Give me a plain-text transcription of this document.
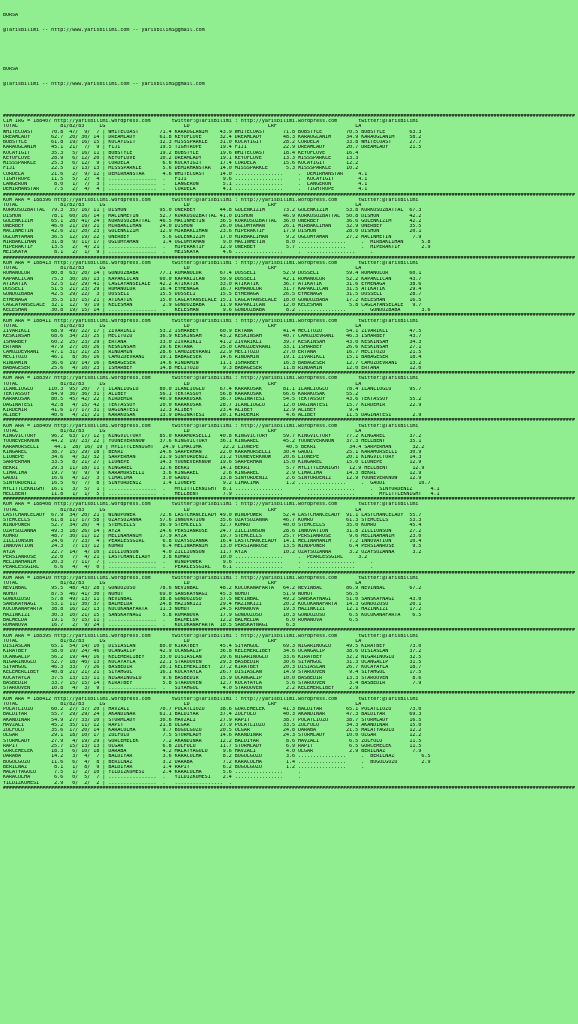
BORSA

@TarisBilimi -- http://www.yarisbilimi.com -- yarisbilimi@gmail.com

BORSA

@TarisBilimi -- http://www.yarisbilimi.com -- yarisbilimi@gmail.com

##############################################################################################################################################################################################
CIM IRG = 188407 http://yarisbilimi.wordpress.com       twitter:@TarisBilimi : http://yarisbilimi.wordpress.com       twitter:@TarisBilimi
TOTAL              81/82/83     LG                          LD                          LRF                          LA
WHITECOAST      70.8  47/  9/  7 | WHITECOAST       71.4 KARAOGLANIM    43.9 WHITECOAST      71.8 BOBSTYLE        70.5 BOBSTYLE        63.3
DREAMLADY       62.7  20/ 30/ 14 | DREAMLADY        61.8 KEYOFLOVE      32.4 DREAMLADY       48.3 KARAOGLANIM     34.9 KARAOGLANIM     58.2
BOBSTYLE        61.8  19/ 16/ 15 | KOCAYIGIT        32.3 MISSSPARKLE    31.0 KOCAYIGIT       28.2 CORDELA         33.8 WHITECOAST      27.7
KARAOGLANIM     45.1  21/  7/  9 | FIJI             19.5 TIGHTROPE      19.4 FIJI            22.9 DREAMLADY       20.7 DREAMLADY       21.5
KOCAYIGIT       35.3   5/ 16/ 11 | BOBSTYLE         19.2 BOBSTYLE       19.6 WHITECOAST      18.4 KEYOFLOVE       16.4
KEYOFLOVE       28.9   6/ 12/ 20 | KEYOFLOVE        10.2 DREAMLADY      19.1 KEYOFLOVE       13.3 MISSSPARKLE     13.3
MISSSPARKLE     25.3   6/ 12/  9 | CORDELA           6.6 KOCAYIGIT      17.4 CORDELA         15.6 KOCAYIGIT       12.2
FIJI            22.5   1/ 13/ 13 | MISSSPARKLE       5.6 DEMIRHANSTAR   14.0 MISSSPARKLE      5.3 MISSSPARKLE     10.2
CORDELA         21.6   2/  9/ 12 | DEMIRHANSTAR      4.6 WHITECOAST     14.0 ................     .  DEMIRHANSTAR     4.1
TIGHTROPE       11.5   5/  2/  4 | ................  .   FIJI            9.6 ................     .  KOCAYIGIT        4.1
LANGERON         8.0   1/  7/  3 | ................  .   LANGERON        5.1 ................     .  LANGERON         4.1
DEMIRHANSTAR     7.5   2/  4/  4 | ................  .   CORDELA         4.1 ................     .  TIGHTROPE        4.1
##############################################################################################################################################################################################
KUM ARA = 188396 http://yarisbilimi.wordpress.com       twitter:@TarisBilimi : http://yarisbilimi.wordpress.com       twitter:@TarisBilimi
TOTAL              81/82/83     LG                          LD                          LRF                          LA
KORKUSUZBATTAL  79.3  35/ 16/ 11 | DISHUN           95.0 ONERBEY        44.8 GULENKIZIM      73.2 GULENKIZIM      53.8 KORKUSUZBATTAL  67.3
DISHUN          78.1  60/ 16/ 14 | MACINMETIN       52.7 KORKUSUZBATTAL 41.0 DISHUN          46.9 KORKUSUZBATTAL  50.8 DISHUN          42.2
GULENKIZIM      65.1  28/ 41/ 24 | KORKUSUZBATTAL   46.5 MACINMETIN     36.5 KORKUSUZBATTAL  36.0 ONERBEY         36.6 GULENKIZIM      42.2
ONERBEY         46.0  21/ 19/ 21 | MIRBAKLIHAN      24.0 DISHUN         26.0 OGLUMYAMAN      26.1 MIRBAKLIHAN     32.9 ONERBEY         35.5
MACINMETIN      42.6  21/ 20/ 23 | GULENKIZIM       12.9 MIRBAKLIHAN    23.6 HIPERAKTIF      17.9 DISHUN          28.0 DISHUN          20.1
OGLUMYAMAN      36.5  12/ 19/ 22 | ONERBEY           5.6 GULENKIZIM     17.0 MIRBAKLIHAN      9.2 OGLUMYAMAN      27.2 MACINMETIN       7.9
MIRBAKLIHAN     31.8   9/ 11/ 17 | OGLUMYAMAN        1.4 OGLUMYAMAN      9.0 MACINMETIN       8.0 ................     .  MIRBAKLIHAN      5.8
HIPERAKTIF      13.5   2/  4/ 21 | ................  .   HIPERAKTIF     12.9 ONERBEY          5.7 ................     .  HIPERAKTIF       2.9
MEISKAYA         8.1   2/  1/  9 | ................  .   MEISKAYA        4.6 ................     .  ................     .
##############################################################################################################################################################################################
KUM ARA = 188413 http://yarisbilimi.wordpress.com       twitter:@TarisBilimi : http://yarisbilimi.wordpress.com       twitter:@TarisBilimi
TOTAL              81/82/83     LG                          LD                          LRF                          LA
ROMANOLUR       80.8  63/ 20/ 14 | GUNDUZBABA       77.1 ROMANOLUR      67.4 DUSSELI         52.9 DUSSELI         59.4 ROMANOLUR       60.1
KAPAKLICAN      75.3  30/ 16/ 13 | KAPAKLICAN       60.0 KAPAKLICAN     59.9 DUSSELI         42.1 ROMANOLUR       52.2 KAPAKLICAN      43.7
ATIKATIK        52.5  12/ 29/ 41 | CAGLAYANSELALE   42.2 ATIKATIK       33.0 ATIKATIK        36.7 ATIKATIK        31.6 EYMENAGA        38.6
DUSSELI         51.5  21/ 23/ 29 | ROMANOLUR        16.4 EYMENAGA       16.7 ROMANOLUR       31.7 KAPAKLICAN      31.5 ATIKATIK        29.4
GUNDUZBABA      42.5  29/ 22/  3 | DUSSELI          15.5 DUSSELI        15.5 EYMENAGA        26.5 EYMENAGA        31.5 DUSSELI         28.7
EYMENAGA        35.5  13/ 15/ 21 | ATIKATIK         15.0 CAGLAYANSELALE 15.1 CAGLAYANSELALE  18.0 GUNDUZBABA      17.2 KELESHAN        16.5
CAGLAYANSELALE  32.1  12/  9/ 19 | KELESHAN          2.9 GUNDUZBABA     11.9 KAPAKLICAN      12.0 KELESHAN         5.8 CAGLAYANSELALE   9.7
KELESHAN        30.8  19/ 15/ 14 | ................  .   KELESHAN        9.6 GUNDUZBABA       8.2 ................     .  GUNDUZBABA       3.6
##############################################################################################################################################################################################
KUM ARA = 188411 http://yarisbilimi.wordpress.com       twitter:@TarisBilimi : http://yarisbilimi.wordpress.com       twitter:@TarisBilimi
TOTAL              81/82/83     LG                          LD                          LRF                          LA
ZIVARIKLI       68.9  49/ 22/ 17 | ZIVARIKLI        53.2 ISHARBEY       60.9 ERTANA          41.4 MECITOZU        54.1 ZIVARIKLI       47.5
KESKINSAH       68.6  34/ 23/ 25 | MECITOZU         36.9 KESKINSAH      43.2 KESKINSAH       40.7 CAMUZDEVRANI    46.3 ISHARBEY        43.7
ISHARBEY        60.2  25/ 23/ 29 | ERTANA           33.0 ZIVARIKLI      41.2 ZIVARIKLI       39.7 KESKINSAH       43.0 KESKINSAH       34.3
ERTANA          47.9  27/ 10/ 26 | KESKINSAH        29.6 ERTANA         25.0 CAMUZDEVRANI    33.1 ISHARBEY        26.6 KESKINSAH       27.1
CAMUZDEVRANI    47.1  31/ 21/ 25 | RINDAMIN         28.6 CAMUZDEVRANI   22.9 MECITOZU        27.0 ERTANA          16.7 MECITOZU        21.5
MECITOZU        46.1   8/ 36/ 16 | CAMUZDEVRANI     19.1 BABAGESER      14.6 RINDAMIN        19.1 ZIVARIKLI       15.1 BABAGESER       18.4
RINDAMIN        36.6  19/ 14/ 16 | BABAGESER        14.6 RINDAMIN       11.1 ISHARBEY        16.3 BABAGESER       12.7 CAMUZDEVRANI    13.2
BABAGESER       25.6   4/ 10/ 23 | ISHARBEY         14.8 MECITOZU        9.3 BABAGESER       11.8 RINDAMIN        12.0 ERTANA          12.0
##############################################################################################################################################################################################
KUM ARA = 188397 http://yarisbilimi.wordpress.com       twitter:@TarisBilimi : http://yarisbilimi.wordpress.com       twitter:@TarisBilimi
TOTAL              81/82/83     LG                          LD                          LRF                          LA
ILANLIOGLU     110.3  95/ 20/  7 | ILANLIOGLU       80.0 ILANLIOGLU     67.4 KARAKUSAK       81.1 ILANLIOGLU      78.4 ILANLIOGLU      95.7
TEKTASSOY       84.9  36/ 36/ 31 | ALIBEY           56.1 TEKTASSOY      56.8 KARAKUSAK       66.6 KARAKUSAK       55.2
KARAKUSAK       80.5  45/ 42/ 22 | KIRDEMIR         40.9 KARAKUSAK      36.7 DAGINATESI      54.5 TEKTASSOY       43.6 TEKTASSOY       55.2
DAGINATESI      42.8   4/ 15/ 42 | TEKTASSOY        20.0 KARAKUSAK      28.7 ILANLIOGLU      12.0 DAGINATESI      15.7 KIRDEMIR        22.9
KIRDEMIR        41.6  17/ 17/ 31 | DAGINATESI       12.3 ALIBEY         23.4 ALIBEY          12.9 ALIBEY           9.4
ALIBEY          40.6   4/ 21/ 21 | KARAKUSAK        13.9 DAGINATESI     20.1 KIRDEMIR         4.6 ALIBEY          11.5 DAGINATESI       2.9
##############################################################################################################################################################################################
KUM ARA = 188409 http://yarisbilimi.wordpress.com       twitter:@TarisBilimi : http://yarisbilimi.wordpress.com       twitter:@TarisBilimi
TOTAL              81/82/83     LG                          LD                          LRF                          LA
KINGVICTORY     96.2  63/ 17/ 12 | KINGVICTORY      85.0 KARAMURSELLI   40.8 KINGVICTORY     59.7 KINGVICTORY     77.2 KINGAREL        37.2
YOUNEVERKNOW    44.2  19/ 23/ 22 | YOUNEVERKNOW     37.6 KINGVICTORY    36.1 KINGAREL        45.2 YOUNEVERKNOW    37.3 HELLBENT        35.1
KARAMURSELLI     44.1  28/ 16/ 19 | MYLITTLEKNIGHT   24.9 CIMACIMA       22.2 LIONEPE         40.5 BEKRI           34.4 SARPERHAN       32.2
KINGAREL        38.7  15/ 29/ 18 | BEKRI            24.6 SARPERHAN      22.0 KARAMURSELLI    30.4 GAUDI           25.1 KARAMURSELLI    30.9
LIONEPE         34.6   4/ 32/ 32 | SARPERHAN        21.9 SINYORDENIZ    21.2 YOUNEVERKNOW    20.6 LIONEPE         20.1 KINGVICTORY     14.3
SARPERHAN       33.5   8/ 21/ 27 | LIONEPE          14.3 YOUNEVERKNOW   19.6 SARPERHAN       15.0 KINGAREL        15.0 LIONEPE         12.9
BEKRI           29.3  11/ 18/ 11 | KINGAREL         12.6 BEKRI          14.1 BEKRI            5.7 MYLITTLEKNIGHT   12.9 HELLBENT        12.9
CIMACIMA        19.7   9/  9/  9 | KARAMURSELLI      3.6 KINGAREL        2.6 KINGAREL         2.9 CIMACIMA        14.3 BEKRI           12.9
GAUDI           16.6   4/ 12/  3 | CIMACIMA          3.0 GAUDI          13.8 SINYORDENIZ      2.6 SINYORDENIZ     12.9 YOUNEVERKNOW    12.9
SINYORDENIZ     16.5   6/  7/  8 | SINYORDENIZ       1.4 LIONEPE         9.2 CIMACIMA         1.2 ................     .  GAUDI           10.7
MYLITTLEKNIGHT  16.1   3/  5/  1 | ................  .   MYLITTLEKNIGHT  8.1 ................     .  ................     .  SINYORDENIZ      4.1
HELLBENT        11.8   1/  1/  5 | ................  .   HELLBENT        7.9 ................     .  ................     .  MYLITTLEKNIGHT   4.1
##############################################################################################################################################################################################
KUM ARA = 188408 http://yarisbilimi.wordpress.com       twitter:@TarisBilimi : http://yarisbilimi.wordpress.com       twitter:@TarisBilimi
TOTAL              81/82/83     LG                          LD                          LRF                          LA
LASTCHANCELADY  67.9  34/ 20/ 21 | WINDPOWER        72.6 LASTCHANCELADY 49.0 WINDPOWER       52.4 LASTCHANCELADY  91.1 LASTCHANCELADY  55.7
STEMCELLS       61.8  11/ 17/ 58 | OZAYSUZANNA      57.6 INNOVATION     35.6 OZAYSUZANNA     46.7 KUMRU           61.3 STEMCELLS       53.3
WINDPOWER       52.7  34/ 26/  4 | STEMCELLS        36.9 STEMCELLS      32.7 KUMRU           40.0 STEMCELLS       35.0 KUMRU           45.4
OZAYSUZANNA     49.3  18/ 26/ 14 | AYZA             24.6 PERSIANROSE    24.7 ZILLIONSUN      28.6 INNOVATION      31.8 ZILLIONSUN      27.2
KUMRU           48.7  30/ 11/ 12 | MELINAHANIM      17.9 AYZA           19.7 STEMCELLS       25.7 PERSIANROSE      9.6 MELINAHANIM     23.0
ZILLIONSUN      24.6   7/ 23/  4 | PEARLESSGIRL      6.8 OZAYSUZANNA    16.4 LASTCHANCELADY  14.1 MELINAHANIM      7.2 INNOVATION      10.4
INNOVATION      24.3   7/ 13/ 12 | KUMRU             6.4 MELINAHANIM    13.0 PERSIANROSE     13.5 WINDPOWER        6.4 PERSIANROSE      9.5
AYZA            22.7  14/  4/ 10 | ZILLIONSUN        4.0 ZILLIONSUN     11.7 AYZA            10.2 OZAYSUZANNA      3.2 OZAYSUZANNA      3.2
PERSIANROSE     22.0   7/  4/ 21 | LASTCHANCELADY    3.8 KUMRU          10.0 ................     .  PEARLESSGIRL     3.2
MELINAHANIM     20.3   7/ 11/  7 | ................  .   WINDPOWER       9.6 ................     .  ................     .
PEARLESSGIRL     6.6   4/  4/  0 | ................  .   PEARLESSGIRL    6.1 ................     .  ................     .
##############################################################################################################################################################################################
KUM ARA = 188410 http://yarisbilimi.wordpress.com       twitter:@TarisBilimi : http://yarisbilimi.wordpress.com       twitter:@TarisBilimi
TOTAL              81/82/83     LG                          LD                          LRF                          LA
NEVINBAL        95.5  48/ 43/ 28 | GUNDUZUSU        78.6 NEVINBAL       48.2 KUCUKANAFARTA   64.2 NEVINBAL        86.9 NEVINBAL        67.2
NOHUT           87.5  46/ 41/ 30 | NOHUT            69.0 SANSKAYNAGI    45.3 NOHUT           51.9 NOHUT           56.5
GUNDUZUSU       57.8  49/ 13/ 11 | NEVINBAL         38.8 GUNDUZUSU      37.5 NEVINBAL        49.2 SANSKAYNAGI     51.0 SANSKAYNAGI     43.0
SANSKAYNAGI     53.1  11/ 30/ 37 | BALMELDA         24.8 HAZINKIZI      29.4 HAZINKIZI       20.2 KUCUKANAFARTA   14.3 GUNDUZUSU       20.1
KUCUKANAFARTA   38.8  16/ 12/ 13 | KUCUKANAFARTA    11.3 NOHUT          24.5 ROMANOVA        19.3 HAZINKIZI       12.1 HAZINKIZI       17.2
HAZINKIZI       30.3  10/ 21/ 15 | SANSKAYNAGI       5.8 ROMANOVA       17.9 GUNDUZUSU       10.3 GUNDUZUSU        6.5 KUCUKANAFARTA    6.5
BALMELDA        19.1   5/ 15/ 11 | ................  .   BALMELDA       12.2 BALMELDA         6.0 ROMANOVA         6.5
ROMANOVA        16.7   2/  9/ 24 | ................  .   KUCUKANAFARTA  10.5 SANSKAYNAGI      6.3
##############################################################################################################################################################################################
KUM ARA = 188395 http://yarisbilimi.wordpress.com       twitter:@TarisBilimi : http://yarisbilimi.wordpress.com       twitter:@TarisBilimi
TOTAL              81/82/83     LG                          LD                          LRF                          LA
DISIASLAN       65.1  54/ 14/ 10 | DISIASLAN        80.0 KIRATBEY       45.4 SIYAHGUL        69.3 NIGARINOGLU     49.5 KIRATBEY        73.0
KIRATBEY        58.0  19/ 24/ 46 | UCANGALIP        42.9 UCANGALIP      36.8 KELEMERLIBEY    34.6 UCANGALIP       38.6 DISIASLAN       37.2
UCANGALIP       56.2  19/ 44/ 16 | KELEMERLIBEY     33.0 DISIASLAN      29.6 NIGARINOGLU     33.6 KIRATBEY        32.2 NIGARINOGLU     32.5
NIGARINOGLU     52.7  18/ 40/ 13 | KOCAYAYLA        22.1 STAROOVEN      29.3 BASBEDIR        30.6 SIYAHGUL        31.3 UCANGALIP       31.5
SIYAHGUL        46.3  33/  7/ 26 | BASBEDIR         20.1 KELEMERLIBEY   27.2 KIRATBEY        20.3 DISIASLAN       26.7 KOCAYAYLA       18.7
KELEMERLIBEY    40.8  21/ 21/ 21 | SIYAHGUL         16.1 KOCAYAYLA      26.7 DISIASLAN       14.9 STAROOVEN        9.4 SIYAHGUL        17.5
KOCAYAYLA       37.5  13/ 13/ 11 | NIGARINOGLU       9.6 BASBEDIR       15.9 UCANGALIP       10.0 BASBEDIR        13.3 STAROOVEN        8.6
BASBEDIR        33.7  15/ 15/ 14 | KIRATBEY          5.8 STAROOVEN      12.7 KOCAYAYLA        5.6 STAROOVEN        3.4 BASBEDIR         7.9
STAROOVEN       10.8   4/  3/  9 | ................  .   SIYAHGUL        4.0 STAROOVEN        2.2 KELEMERLIBEY     2.9
##############################################################################################################################################################################################
KUM ARA = 188412 http://yarisbilimi.wordpress.com       twitter:@TarisBilimi : http://yarisbilimi.wordpress.com       twitter:@TarisBilimi
TOTAL              81/82/83     LG                          LD                          LRF                          LA
POLATLIOZU      60.2  27/ 37/ 20 | HAVZALI          70.7 POLATLIOZU     38.6 GORCEMELEK      41.3 BALDIYAR        65.1 POLATLIOZU      73.0
BALDIYAR        55.7  29/ 29/ 24 | AKANDINAR        61.1 BALDIYAR       37.4 ZULFULU         40.3 AKANDINAR       47.3 BALDIYAR        69.3
AKANDINAR       54.9  27/ 33/ 10 | STORMLADY        30.6 HAVZALI        27.9 RAPIT           38.7 POLATLIOZU      38.7 STORMLADY       16.5
HAVZALI         45.2  35/ 11/ 12 | RAPIT            21.8 OLGAR          27.9 POLATLIOZU      33.5 ZULFULU         34.3 AKANDINAR       15.0
ZULFULU         35.6  17/ 20/ 14 | KARACULHA         9.7 BUGULGOZU      20.5 OLGAR           24.8 DARABA          21.5 MALATYAGULU     12.2
OLGAR           29.1  18/ 10/ 17 | ZULFULU           7.5 STORMLADY      14.6 AKANDINAR       24.3 STORMLADY       10.0 OLGAR           12.2
STORMLADY       27.9   4/ 19/ 29 | GORCEMELEK        7.2 AKANDINAR      12.2 BALDIYAR         8.6 HAVZALI          6.5 ZULFULU         11.5
RAPIT           25.7  15/ 13/ 13 | OLGAR             6.8 ZULFULU        11.7 STORMLADY        6.9 RAPIT            6.5 GORCEMELEK      11.5
GORCEMELEK      18.3   6/ 10/ 18 | DARABA            4.2 MALATYAGULU     9.6 HAVZALI          4.0 OLGAR            2.9 BERILNAZ         7.9
DARABA          14.2   3/  4/  7 | BALDIYAR          3.6 KARACULHA       8.2 BUGULGOZU        3.6 ................     .  BERILNAZ         6.5
BUGULGOZU       11.6   6/  4/  8 | BERILNAZ          3.2 DARABA          7.2 KARACULHA        1.4 ................     .  BUGULGOZU        2.9
BERILNAZ         8.1   1/  8/  9 | BALDIYAR          1.4 RAPIT           6.2 BUGULGOZU        1.2 ................     .
MALATYAGULU      7.5   1/  2/ 10 | YILDIZKUMESI      2.4 KARACULHA       5.6 ................     .
KARACULHA        6.6   0/  5/  7 | ................  .   YILDIZKUMESI    2.4 ................     .
YILDIZKUMESI     2.9   0/  2/  2 | ................  .   ................  .
##############################################################################################################################################################################################
